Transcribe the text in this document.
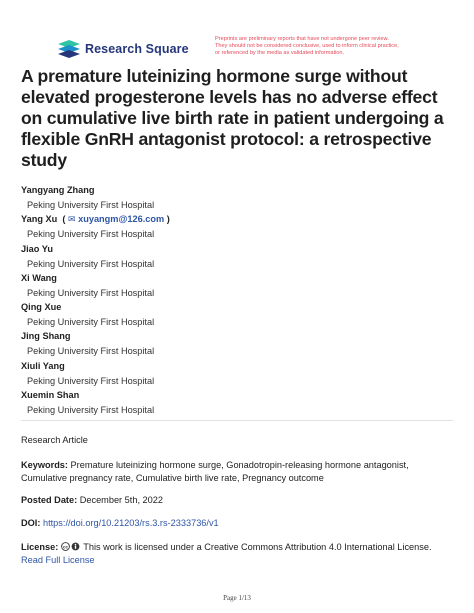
Research Square
Preprints are preliminary reports that have not undergone peer review.
They should not be considered conclusive, used to inform clinical practice,
or referenced by the media as validated information.
A premature luteinizing hormone surge without
elevated progesterone levels has no adverse effect
on cumulative live birth rate in patient undergoing a
flexible GnRH antagonist protocol: a retrospective
study
Yangyang Zhang
Peking University First Hospital
Yang Xu  ( ✉ xuyangm@126.com )
Peking University First Hospital
Jiao Yu
Peking University First Hospital
Xi Wang
Peking University First Hospital
Qing Xue
Peking University First Hospital
Jing Shang
Peking University First Hospital
Xiuli Yang
Peking University First Hospital
Xuemin Shan
Peking University First Hospital
Research Article
Keywords: Premature luteinizing hormone surge, Gonadotropin-releasing hormone antagonist, Cumulative pregnancy rate, Cumulative birth live rate, Pregnancy outcome
Posted Date: December 5th, 2022
DOI: https://doi.org/10.21203/rs.3.rs-2333736/v1
License: cc This work is licensed under a Creative Commons Attribution 4.0 International License.
Read Full License
Page 1/13
